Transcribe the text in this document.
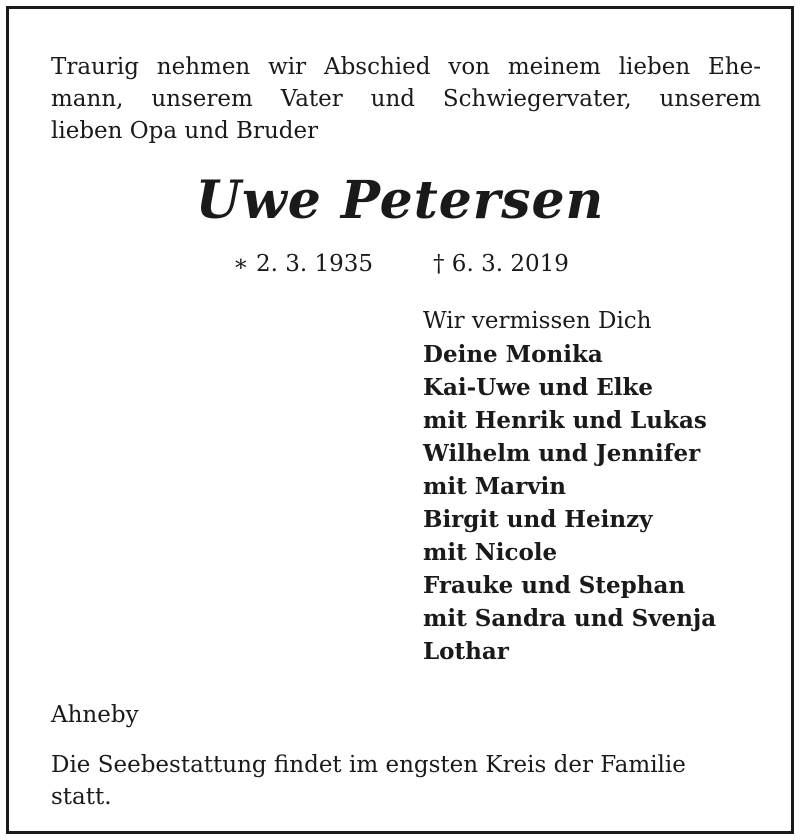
Traurig nehmen wir Abschied von meinem lieben Ehe-
mann, unserem Vater und Schwiegervater, unserem
lieben Opa und Bruder
Uwe Petersen
∗ 2. 3. 1935	† 6. 3. 2019
Wir vermissen Dich
Deine Monika
Kai-Uwe und Elke
mit Henrik und Lukas
Wilhelm und Jennifer
mit Marvin
Birgit und Heinzy
mit Nicole
Frauke und Stephan
mit Sandra und Svenja
Lothar

Ahneby

Die Seebestattung findet im engsten Kreis der Familie
statt.
